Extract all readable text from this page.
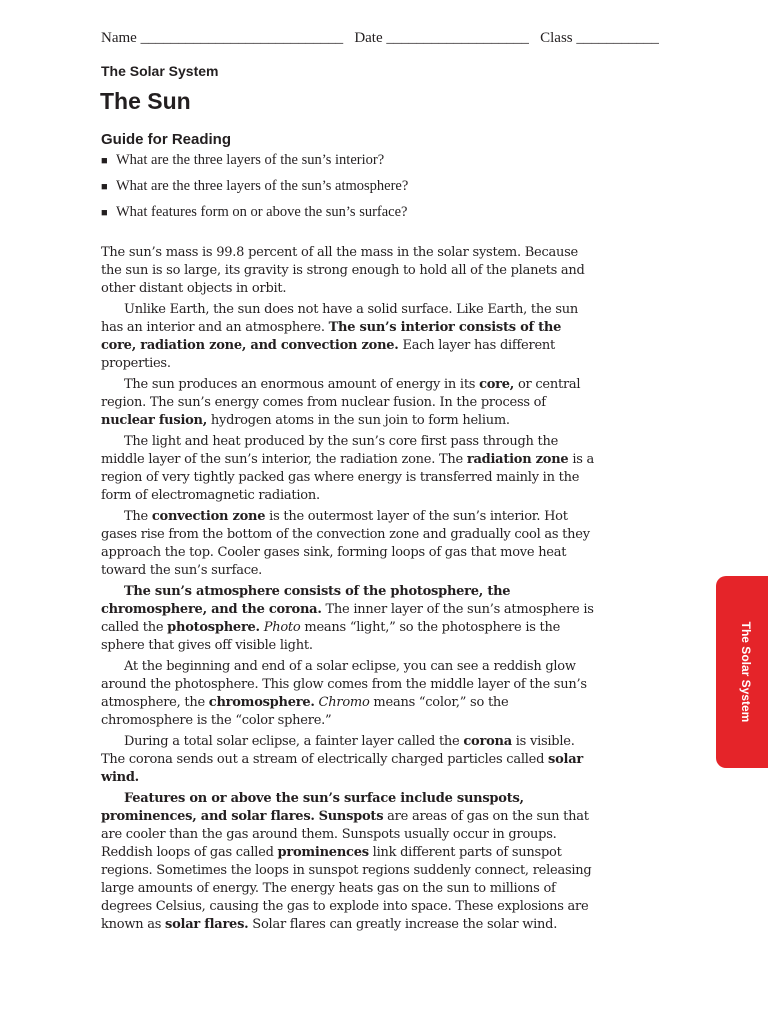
Name ___________________________   Date ___________________   Class ___________
The Solar System
The Sun
Guide for Reading
■ What are the three layers of the sun’s interior?
■ What are the three layers of the sun’s atmosphere?
■ What features form on or above the sun’s surface?

The sun’s mass is 99.8 percent of all the mass in the solar system. Because the sun is so large, its gravity is strong enough to hold all of the planets and other distant objects in orbit.

Unlike Earth, the sun does not have a solid surface. Like Earth, the sun has an interior and an atmosphere. The sun’s interior consists of the core, radiation zone, and convection zone. Each layer has different properties.

The sun produces an enormous amount of energy in its core, or central region. The sun’s energy comes from nuclear fusion. In the process of nuclear fusion, hydrogen atoms in the sun join to form helium.

The light and heat produced by the sun’s core first pass through the middle layer of the sun’s interior, the radiation zone. The radiation zone is a region of very tightly packed gas where energy is transferred mainly in the form of electromagnetic radiation.

The convection zone is the outermost layer of the sun’s interior. Hot gases rise from the bottom of the convection zone and gradually cool as they approach the top. Cooler gases sink, forming loops of gas that move heat toward the sun’s surface.

The sun’s atmosphere consists of the photosphere, the chromosphere, and the corona. The inner layer of the sun’s atmosphere is called the photosphere. Photo means “light,” so the photosphere is the sphere that gives off visible light.

At the beginning and end of a solar eclipse, you can see a reddish glow around the photosphere. This glow comes from the middle layer of the sun’s atmosphere, the chromosphere. Chromo means “color,” so the chromosphere is the “color sphere.”

During a total solar eclipse, a fainter layer called the corona is visible. The corona sends out a stream of electrically charged particles called solar wind.

Features on or above the sun’s surface include sunspots, prominences, and solar flares. Sunspots are areas of gas on the sun that are cooler than the gas around them. Sunspots usually occur in groups. Reddish loops of gas called prominences link different parts of sunspot regions. Sometimes the loops in sunspot regions suddenly connect, releasing large amounts of energy. The energy heats gas on the sun to millions of degrees Celsius, causing the gas to explode into space. These explosions are known as solar flares. Solar flares can greatly increase the solar wind.

The Solar System
